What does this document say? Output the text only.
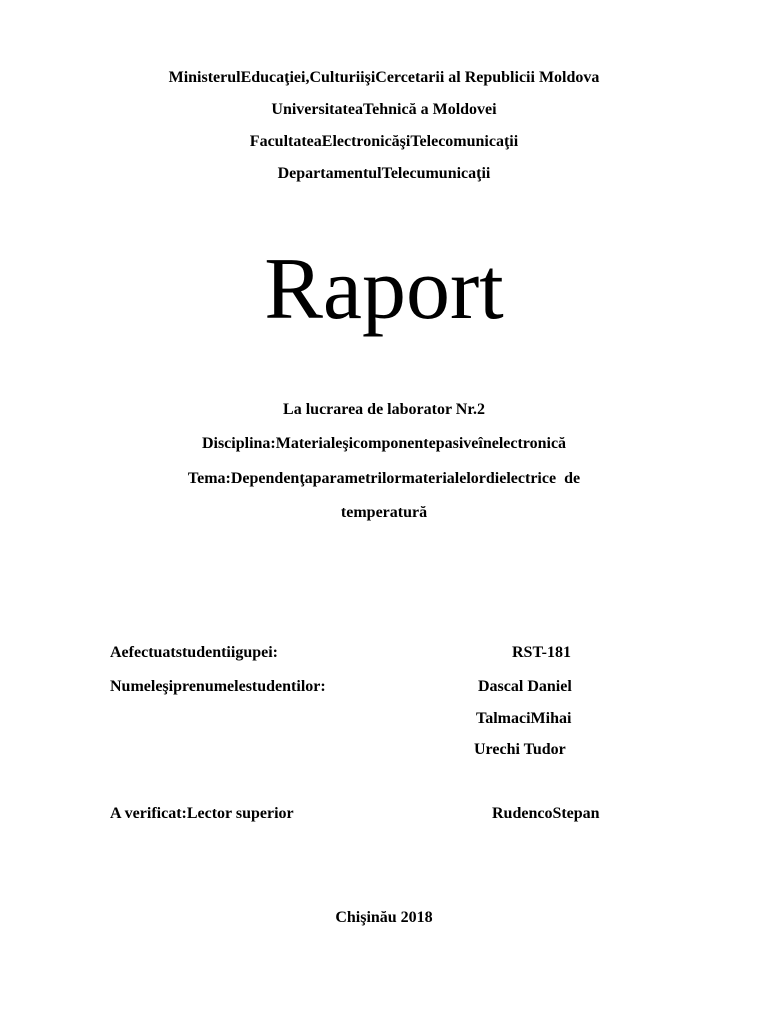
MinisterulEducaţiei,CulturiişiCercetarii al Republicii Moldova
UniversitateaTehnică a Moldovei
FacultateaElectronicăşiTelecomunicaţii
DepartamentulTelecumunicaţii
Raport
La lucrarea de laborator Nr.2
Disciplina:Materialeşicomponentepasiveînelectronică
Tema:Dependenţaparametrilormaterialelordielectrice  de
temperatură
Aefectuatstudentiigupei:	RST-181
Numeleşiprenumelestudentilor:	Dascal Daniel
TalmaciMihai
Urechi Tudor
A verificat:Lector superior	RudencoStepan
Chişinău 2018
